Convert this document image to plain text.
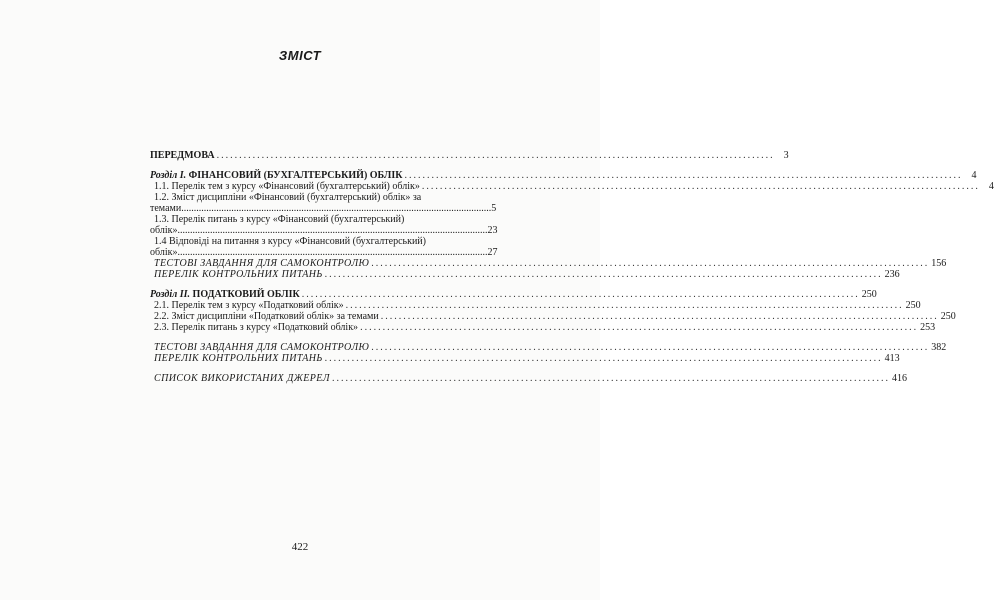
ЗМІСТ
ПЕРЕДМОВА ............................................................................................................................ 3
Розділ І. ФІНАНСОВИЙ (БУХГАЛТЕРСЬКИЙ) ОБЛІК ............................................................................................................................ 4
1.1. Перелік тем з курсу «Фінансовий (бухгалтерський) облік» ............................................................................................................................ 4
1.2. Зміст дисципліни «Фінансовий (бухгалтерський) облік» за
темами ............................................................................................................................ 5
1.3. Перелік питань з курсу «Фінансовий (бухгалтерський)
облік» ............................................................................................................................ 23
1.4 Відповіді на питання з курсу «Фінансовий (бухгалтерський)
облік» ............................................................................................................................ 27
ТЕСТОВІ ЗАВДАННЯ ДЛЯ САМОКОНТРОЛЮ ............................................................................................................................ 156
ПЕРЕЛІК КОНТРОЛЬНИХ ПИТАНЬ ............................................................................................................................ 236
Розділ ІІ. ПОДАТКОВИЙ ОБЛІК ............................................................................................................................ 250
2.1. Перелік тем з курсу «Податковий облік» ............................................................................................................................ 250
2.2. Зміст дисципліни «Податковий облік» за темами ............................................................................................................................ 250
2.3. Перелік питань з курсу «Податковий облік» ............................................................................................................................ 253
ТЕСТОВІ ЗАВДАННЯ ДЛЯ САМОКОНТРОЛЮ ............................................................................................................................ 382
ПЕРЕЛІК КОНТРОЛЬНИХ ПИТАНЬ ............................................................................................................................ 413
СПИСОК ВИКОРИСТАНИХ ДЖЕРЕЛ ............................................................................................................................ 416
422
